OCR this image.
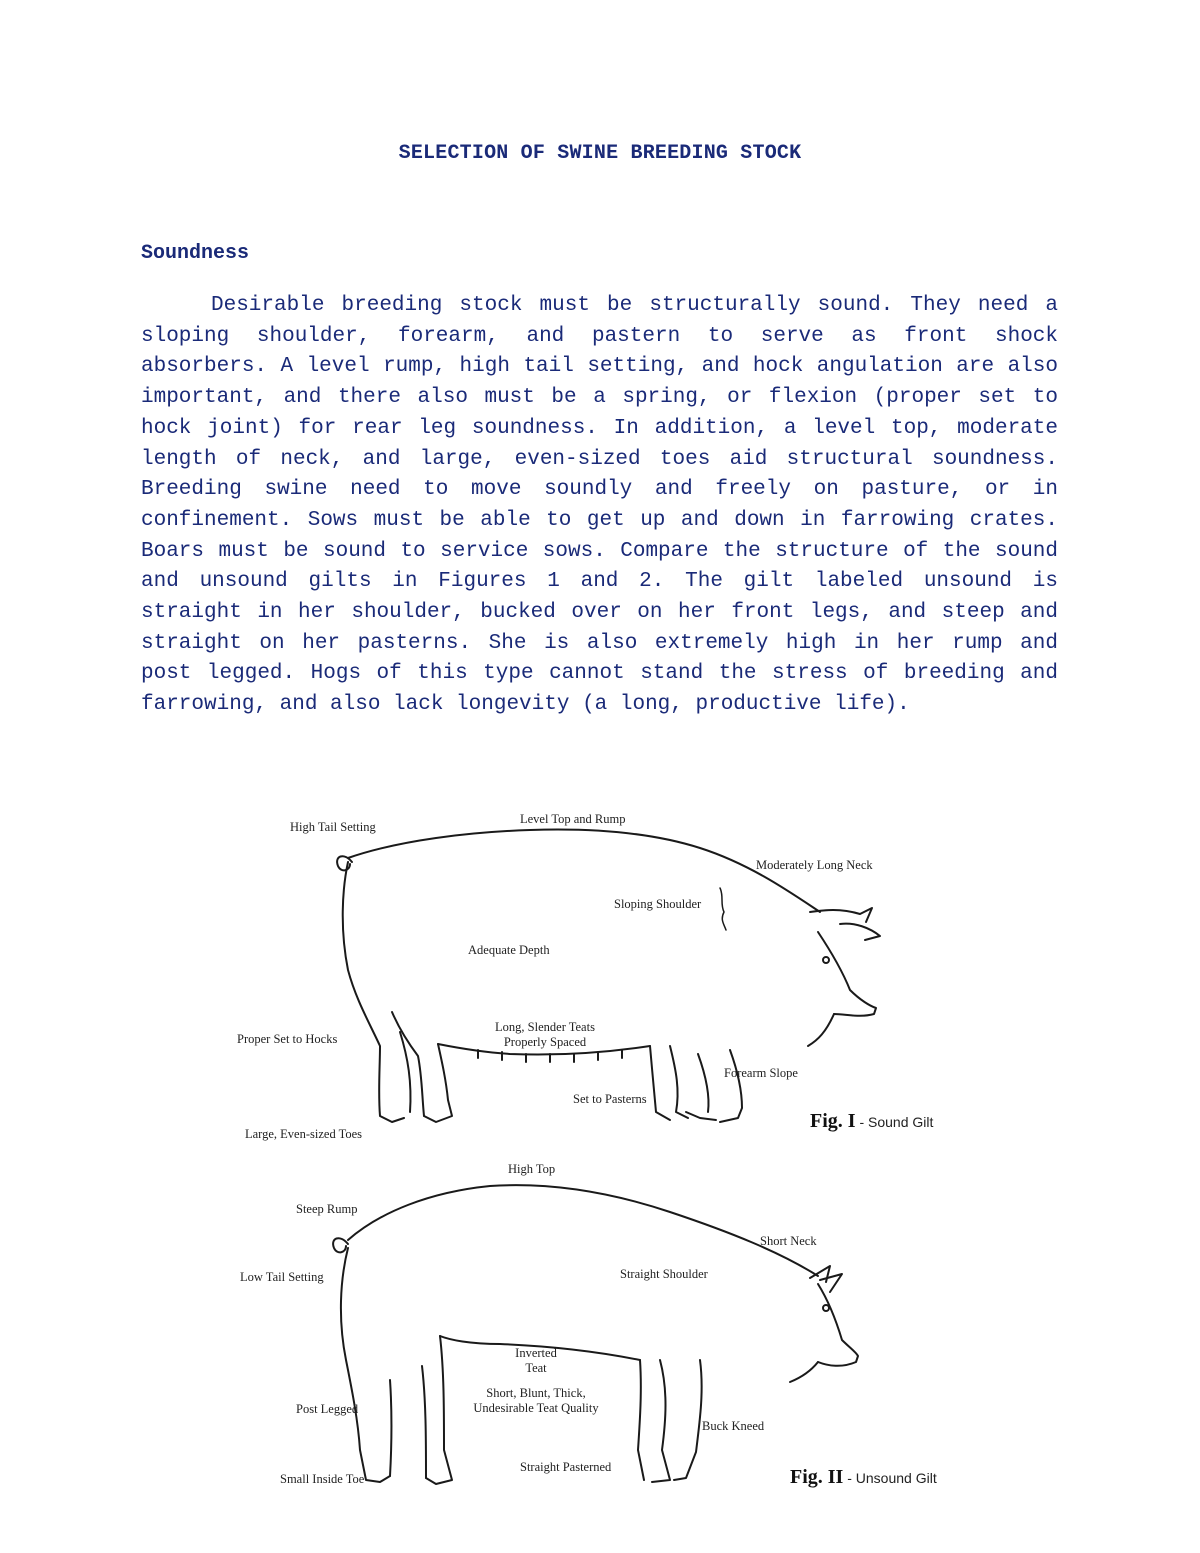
SELECTION OF SWINE BREEDING STOCK
Soundness

Desirable breeding stock must be structurally sound. They need a sloping shoulder, forearm, and pastern to serve as front shock absorbers. A level rump, high tail setting, and hock angulation are also important, and there also must be a spring, or flexion (proper set to hock joint) for rear leg soundness. In addition, a level top, moderate length of neck, and large, even-sized toes aid structural soundness. Breeding swine need to move soundly and freely on pasture, or in confinement. Sows must be able to get up and down in farrowing crates. Boars must be sound to service sows. Compare the structure of the sound and unsound gilts in Figures 1 and 2. The gilt labeled unsound is straight in her shoulder, bucked over on her front legs, and steep and straight on her pasterns. She is also extremely high in her rump and post legged. Hogs of this type cannot stand the stress of breeding and farrowing, and also lack longevity (a long, productive life).

High Tail Setting
Level Top and Rump
Moderately Long Neck
Sloping Shoulder
Adequate Depth
Long, Slender Teats
Properly Spaced
Proper Set to Hocks
Forearm Slope
Set to Pasterns
Large, Even-sized Toes
Fig. I - Sound Gilt
High Top
Steep Rump
Short Neck
Low Tail Setting	Straight Shoulder
Inverted
Teat
Short, Blunt, Thick,
Undesirable Teat Quality
Post Legged
Buck Kneed
Straight Pasterned
Small Inside Toe	Fig. II - Unsound Gilt
